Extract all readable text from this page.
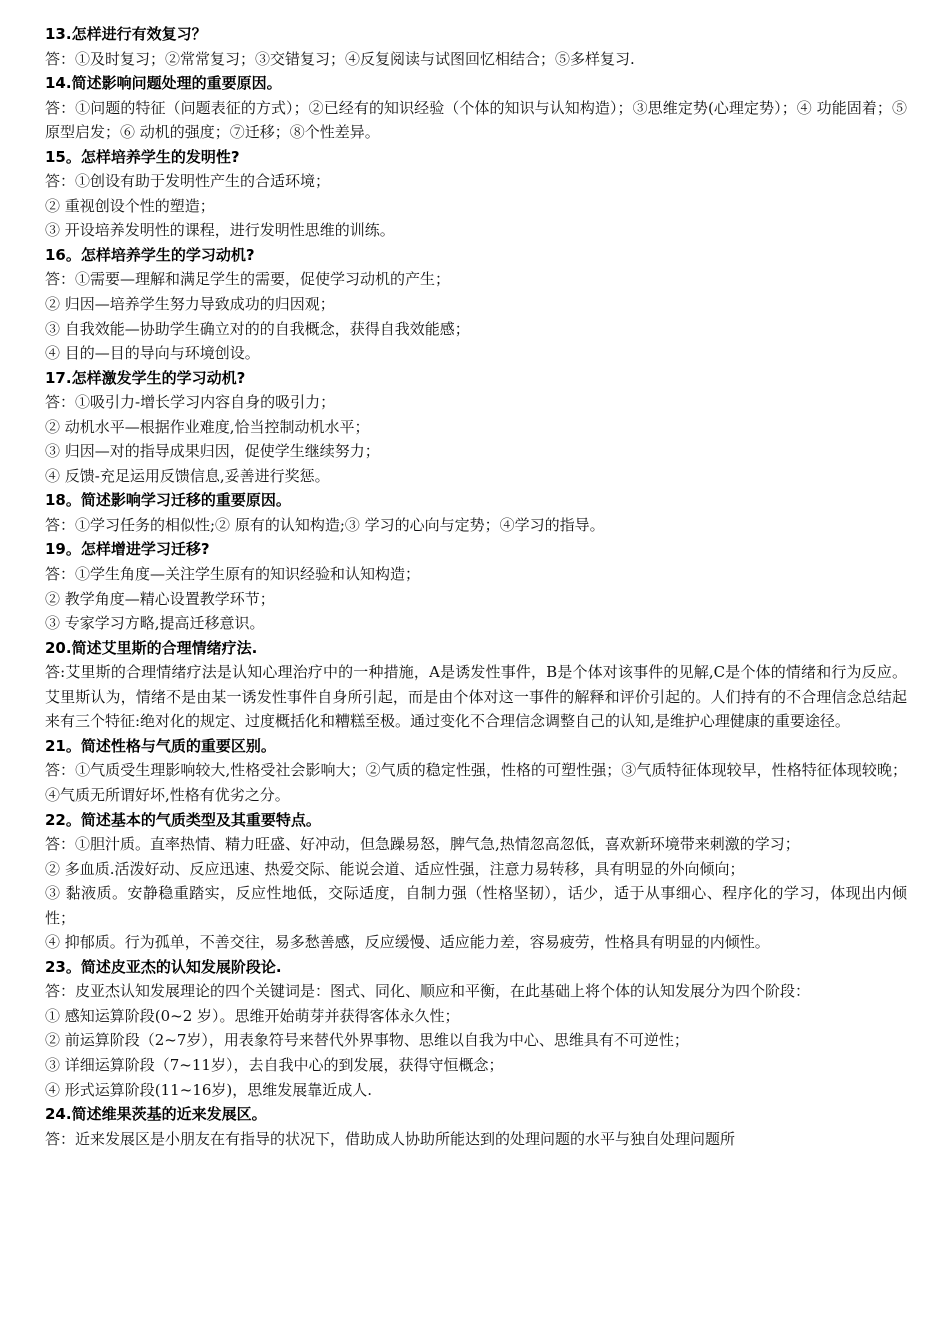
13.怎样进行有效复习？
答：①及时复习；②常常复习；③交错复习；④反复阅读与试图回忆相结合；⑤多样复习.
14.简述影响问题处理的重要原因。
答：①问题的特征（问题表征的方式）；②已经有的知识经验（个体的知识与认知构造）；③思维定势(心理定势）；④ 功能固着；⑤原型启发；⑥ 动机的强度；⑦迁移；⑧个性差异。
15。怎样培养学生的发明性?
答：①创设有助于发明性产生的合适环境；
② 重视创设个性的塑造；
③ 开设培养发明性的课程，进行发明性思维的训练。
16。怎样培养学生的学习动机?
答：①需要—理解和满足学生的需要，促使学习动机的产生；
② 归因—培养学生努力导致成功的归因观；
③ 自我效能—协助学生确立对的的自我概念，获得自我效能感；
④ 目的—目的导向与环境创设。
17.怎样激发学生的学习动机?
答：①吸引力-增长学习内容自身的吸引力；
② 动机水平—根据作业难度,恰当控制动机水平；
③ 归因—对的指导成果归因，促使学生继续努力；
④ 反馈-充足运用反馈信息,妥善进行奖惩。
18。简述影响学习迁移的重要原因。
答：①学习任务的相似性;② 原有的认知构造;③ 学习的心向与定势；④学习的指导。
19。怎样增进学习迁移?
答：①学生角度—关注学生原有的知识经验和认知构造；
② 教学角度—精心设置教学环节；
③ 专家学习方略,提高迁移意识。
20.简述艾里斯的合理情绪疗法.
答:艾里斯的合理情绪疗法是认知心理治疗中的一种措施，A是诱发性事件，B是个体对该事件的见解,C是个体的情绪和行为反应。艾里斯认为，情绪不是由某一诱发性事件自身所引起，而是由个体对这一事件的解释和评价引起的。人们持有的不合理信念总结起来有三个特征:绝对化的规定、过度概括化和糟糕至极。通过变化不合理信念调整自己的认知,是维护心理健康的重要途径。
21。简述性格与气质的重要区别。
答：①气质受生理影响较大,性格受社会影响大；②气质的稳定性强，性格的可塑性强；③气质特征体现较早，性格特征体现较晚；④气质无所谓好坏,性格有优劣之分。
22。简述基本的气质类型及其重要特点。
答：①胆汁质。直率热情、精力旺盛、好冲动，但急躁易怒，脾气急,热情忽高忽低，喜欢新环境带来刺激的学习；
② 多血质.活泼好动、反应迅速、热爱交际、能说会道、适应性强，注意力易转移，具有明显的外向倾向；
③ 黏液质。安静稳重踏实，反应性地低，交际适度，自制力强（性格坚韧），话少，适于从事细心、程序化的学习，体现出内倾性；
④ 抑郁质。行为孤单，不善交往，易多愁善感，反应缓慢、适应能力差，容易疲劳，性格具有明显的内倾性。
23。简述皮亚杰的认知发展阶段论.
答：皮亚杰认知发展理论的四个关键词是：图式、同化、顺应和平衡，在此基础上将个体的认知发展分为四个阶段：
① 感知运算阶段(0~2 岁）。思维开始萌芽并获得客体永久性；
② 前运算阶段（2~7岁），用表象符号来替代外界事物、思维以自我为中心、思维具有不可逆性；
③ 详细运算阶段（7~11岁），去自我中心的到发展，获得守恒概念；
④ 形式运算阶段(11~16岁)，思维发展靠近成人.
24.简述维果茨基的近来发展区。
答：近来发展区是小朋友在有指导的状况下，借助成人协助所能达到的处理问题的水平与独自处理问题所
